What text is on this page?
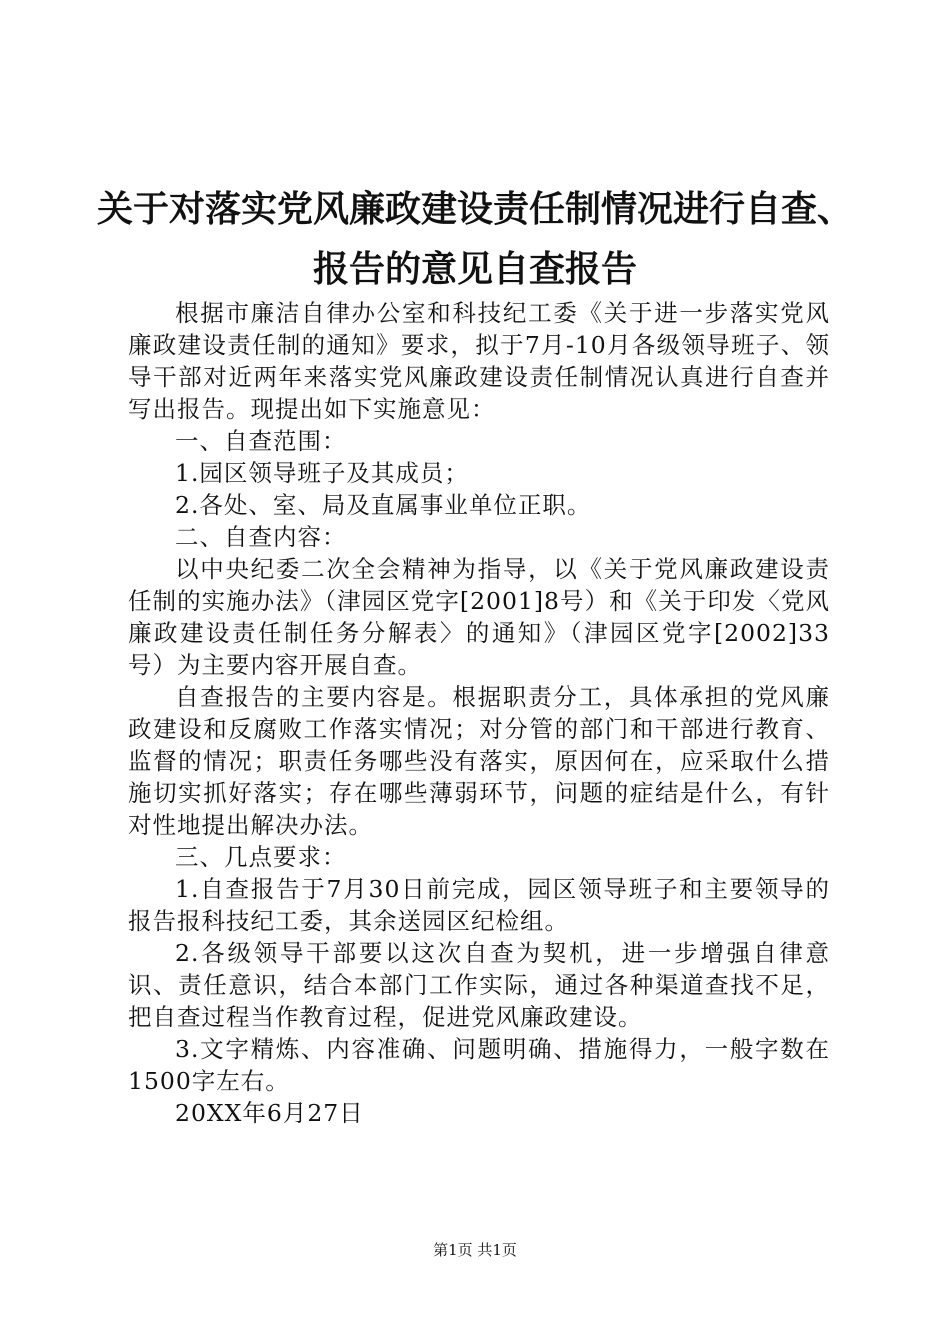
关于对落实党风廉政建设责任制情况进行自查、
报告的意见自查报告

根据市廉洁自律办公室和科技纪工委《关于进一步落实党风廉政建设责任制的通知》要求，拟于7月-10月各级领导班子、领导干部对近两年来落实党风廉政建设责任制情况认真进行自查并写出报告。现提出如下实施意见：

一、自查范围：

1.园区领导班子及其成员；

2.各处、室、局及直属事业单位正职。

二、自查内容：

以中央纪委二次全会精神为指导，以《关于党风廉政建设责任制的实施办法》（津园区党字[2001]8号）和《关于印发〈党风廉政建设责任制任务分解表〉的通知》（津园区党字[2002]33号）为主要内容开展自查。

自查报告的主要内容是。根据职责分工，具体承担的党风廉政建设和反腐败工作落实情况；对分管的部门和干部进行教育、监督的情况；职责任务哪些没有落实，原因何在，应采取什么措施切实抓好落实；存在哪些薄弱环节，问题的症结是什么，有针对性地提出解决办法。

三、几点要求：

1.自查报告于7月30日前完成，园区领导班子和主要领导的报告报科技纪工委，其余送园区纪检组。

2.各级领导干部要以这次自查为契机，进一步增强自律意识、责任意识，结合本部门工作实际，通过各种渠道查找不足，把自查过程当作教育过程，促进党风廉政建设。

3.文字精炼、内容准确、问题明确、措施得力，一般字数在1500字左右。

20XX年6月27日

第1页 共1页
